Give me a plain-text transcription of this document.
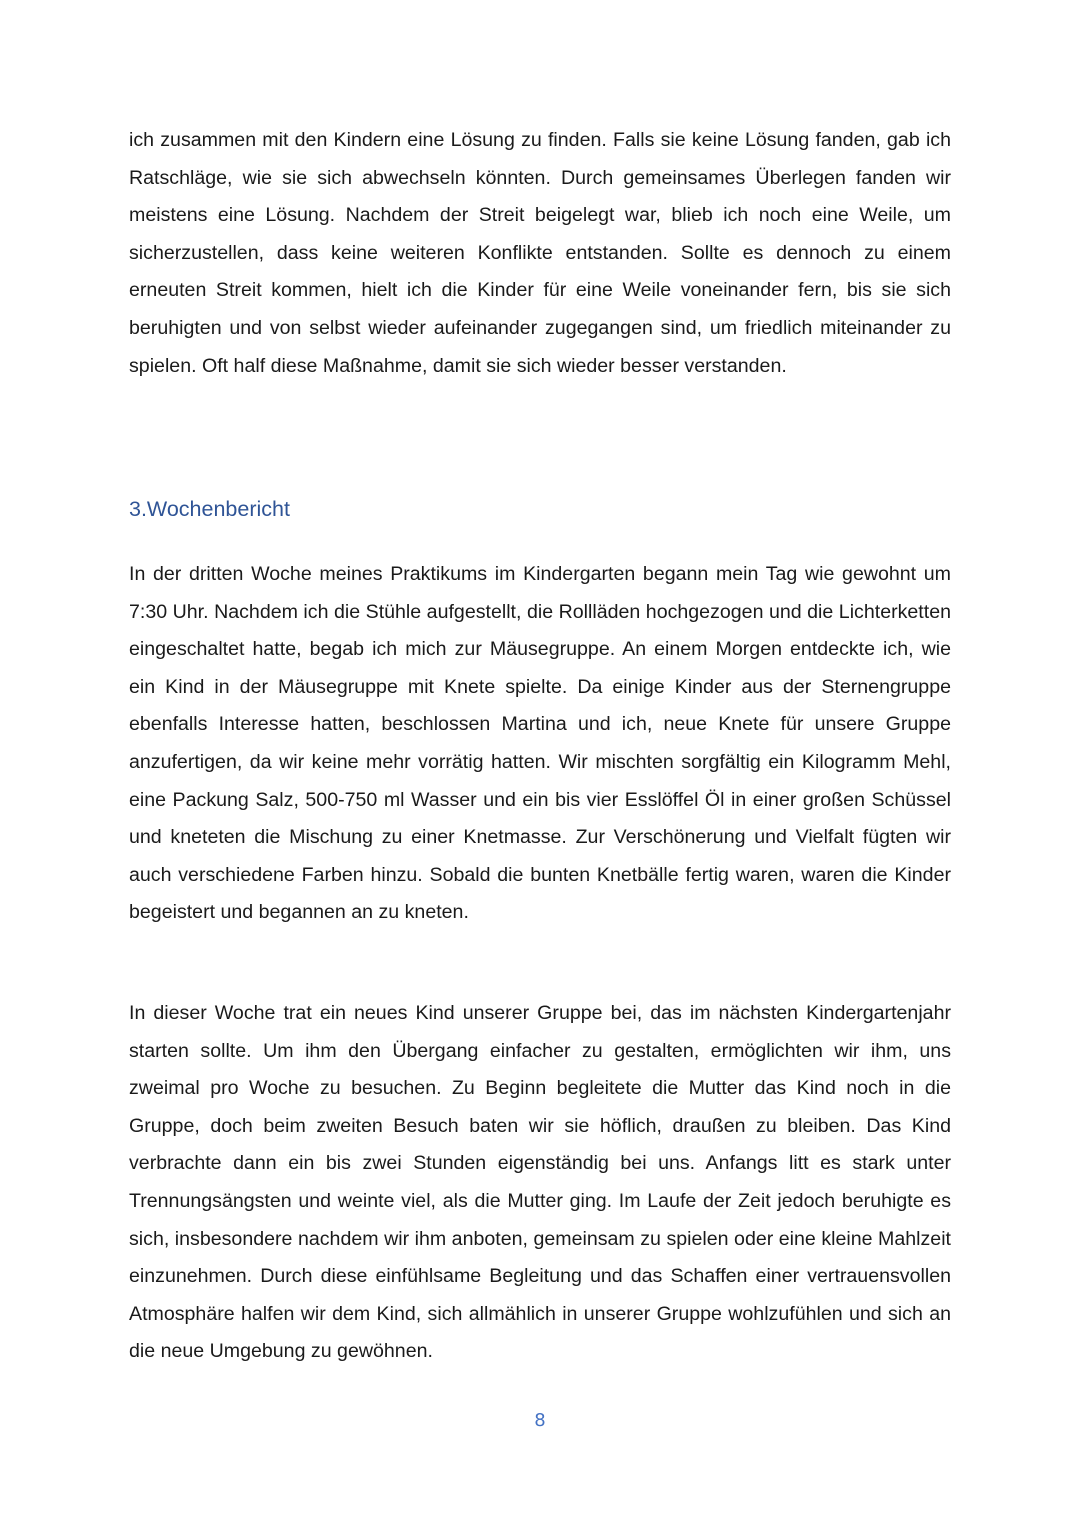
ich zusammen mit den Kindern eine Lösung zu finden. Falls sie keine Lösung fanden, gab ich Ratschläge, wie sie sich abwechseln könnten. Durch gemeinsames Überlegen fanden wir meistens eine Lösung. Nachdem der Streit beigelegt war, blieb ich noch eine Weile, um sicherzustellen, dass keine weiteren Konflikte entstanden. Sollte es dennoch zu einem erneuten Streit kommen, hielt ich die Kinder für eine Weile voneinander fern, bis sie sich beruhigten und von selbst wieder aufeinander zugegangen sind, um friedlich miteinander zu spielen. Oft half diese Maßnahme, damit sie sich wieder besser verstanden.

3.Wochenbericht

In der dritten Woche meines Praktikums im Kindergarten begann mein Tag wie gewohnt um 7:30 Uhr. Nachdem ich die Stühle aufgestellt, die Rollläden hochgezogen und die Lichterketten eingeschaltet hatte, begab ich mich zur Mäusegruppe. An einem Morgen entdeckte ich, wie ein Kind in der Mäusegruppe mit Knete spielte. Da einige Kinder aus der Sternengruppe ebenfalls Interesse hatten, beschlossen Martina und ich, neue Knete für unsere Gruppe anzufertigen, da wir keine mehr vorrätig hatten. Wir mischten sorgfältig ein Kilogramm Mehl, eine Packung Salz, 500-750 ml Wasser und ein bis vier Esslöffel Öl in einer großen Schüssel und kneteten die Mischung zu einer Knetmasse. Zur Verschönerung und Vielfalt fügten wir auch verschiedene Farben hinzu. Sobald die bunten Knetbälle fertig waren, waren die Kinder begeistert und begannen an zu kneten.

In dieser Woche trat ein neues Kind unserer Gruppe bei, das im nächsten Kindergartenjahr starten sollte. Um ihm den Übergang einfacher zu gestalten, ermöglichten wir ihm, uns zweimal pro Woche zu besuchen. Zu Beginn begleitete die Mutter das Kind noch in die Gruppe, doch beim zweiten Besuch baten wir sie höflich, draußen zu bleiben. Das Kind verbrachte dann ein bis zwei Stunden eigenständig bei uns. Anfangs litt es stark unter Trennungsängsten und weinte viel, als die Mutter ging. Im Laufe der Zeit jedoch beruhigte es sich, insbesondere nachdem wir ihm anboten, gemeinsam zu spielen oder eine kleine Mahlzeit einzunehmen. Durch diese einfühlsame Begleitung und das Schaffen einer vertrauensvollen Atmosphäre halfen wir dem Kind, sich allmählich in unserer Gruppe wohlzufühlen und sich an die neue Umgebung zu gewöhnen.

8
